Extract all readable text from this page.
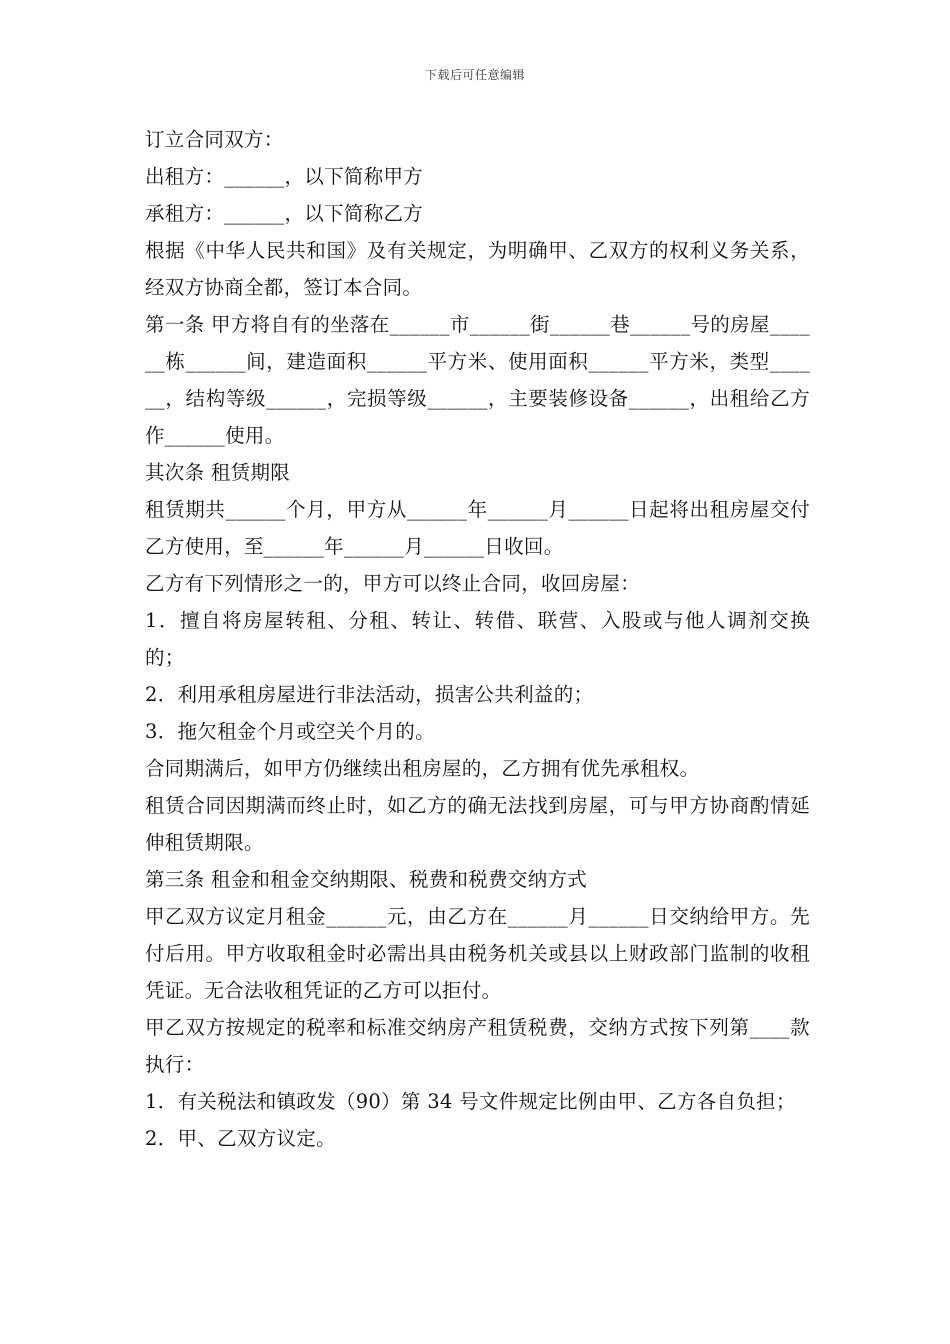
下载后可任意编辑

订立合同双方：

出租方：______，以下简称甲方

承租方：______，以下简称乙方

根据《中华人民共和国》及有关规定，为明确甲、乙双方的权利义务关系，经双方协商全都，签订本合同。

第一条 甲方将自有的坐落在______市______街______巷______号的房屋______栋______间，建造面积______平方米、使用面积______平方米，类型______，结构等级______，完损等级______，主要装修设备______，出租给乙方作______使用。

其次条 租赁期限

租赁期共______个月，甲方从______年______月______日起将出租房屋交付乙方使用，至______年______月______日收回。

乙方有下列情形之一的，甲方可以终止合同，收回房屋：

1．擅自将房屋转租、分租、转让、转借、联营、入股或与他人调剂交换的；

2．利用承租房屋进行非法活动，损害公共利益的；

3．拖欠租金个月或空关个月的。

合同期满后，如甲方仍继续出租房屋的，乙方拥有优先承租权。

租赁合同因期满而终止时，如乙方的确无法找到房屋，可与甲方协商酌情延伸租赁期限。

第三条 租金和租金交纳期限、税费和税费交纳方式

甲乙双方议定月租金______元，由乙方在______月______日交纳给甲方。先付后用。甲方收取租金时必需出具由税务机关或县以上财政部门监制的收租凭证。无合法收租凭证的乙方可以拒付。

甲乙双方按规定的税率和标准交纳房产租赁税费，交纳方式按下列第____款执行：

1．有关税法和镇政发（90）第 34 号文件规定比例由甲、乙方各自负担；

2．甲、乙双方议定。
